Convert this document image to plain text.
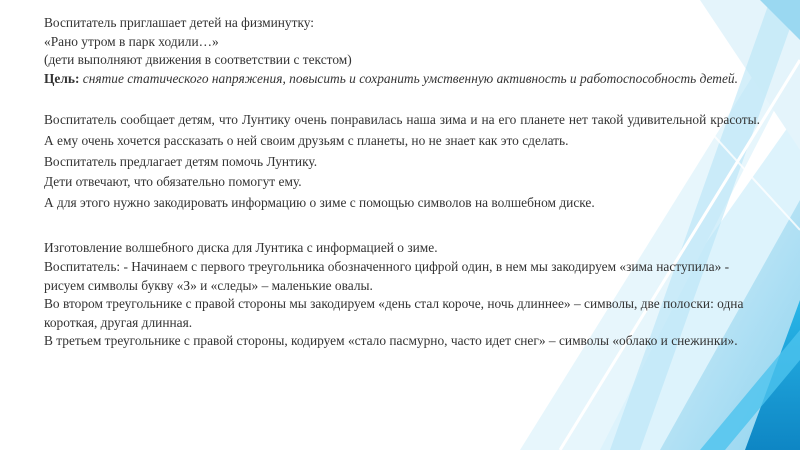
Воспитатель приглашает детей на физминутку:

«Рано утром в парк ходили…»

(дети выполняют движения в соответствии с текстом)

Цель: снятие статического напряжения, повысить и сохранить умственную активность и работоспособность детей.

Воспитатель сообщает детям, что Лунтику очень понравилась наша зима и на его планете нет такой удивительной красоты. А ему очень хочется рассказать о ней своим друзьям с планеты, но не знает как это сделать.

Воспитатель предлагает детям помочь Лунтику.

Дети отвечают, что обязательно помогут ему.

А для этого нужно закодировать информацию о зиме с помощью символов на волшебном диске.

Изготовление волшебного диска для Лунтика с информацией о зиме.

Воспитатель: - Начинаем с первого треугольника обозначенного цифрой один, в нем мы закодируем «зима наступила» - рисуем символы букву «З» и «следы» – маленькие овалы.

Во втором треугольнике с правой стороны мы закодируем «день стал короче, ночь длиннее» – символы, две полоски: одна короткая, другая длинная.

В третьем треугольнике с правой стороны, кодируем «стало пасмурно, часто идет снег» – символы «облако и снежинки».
